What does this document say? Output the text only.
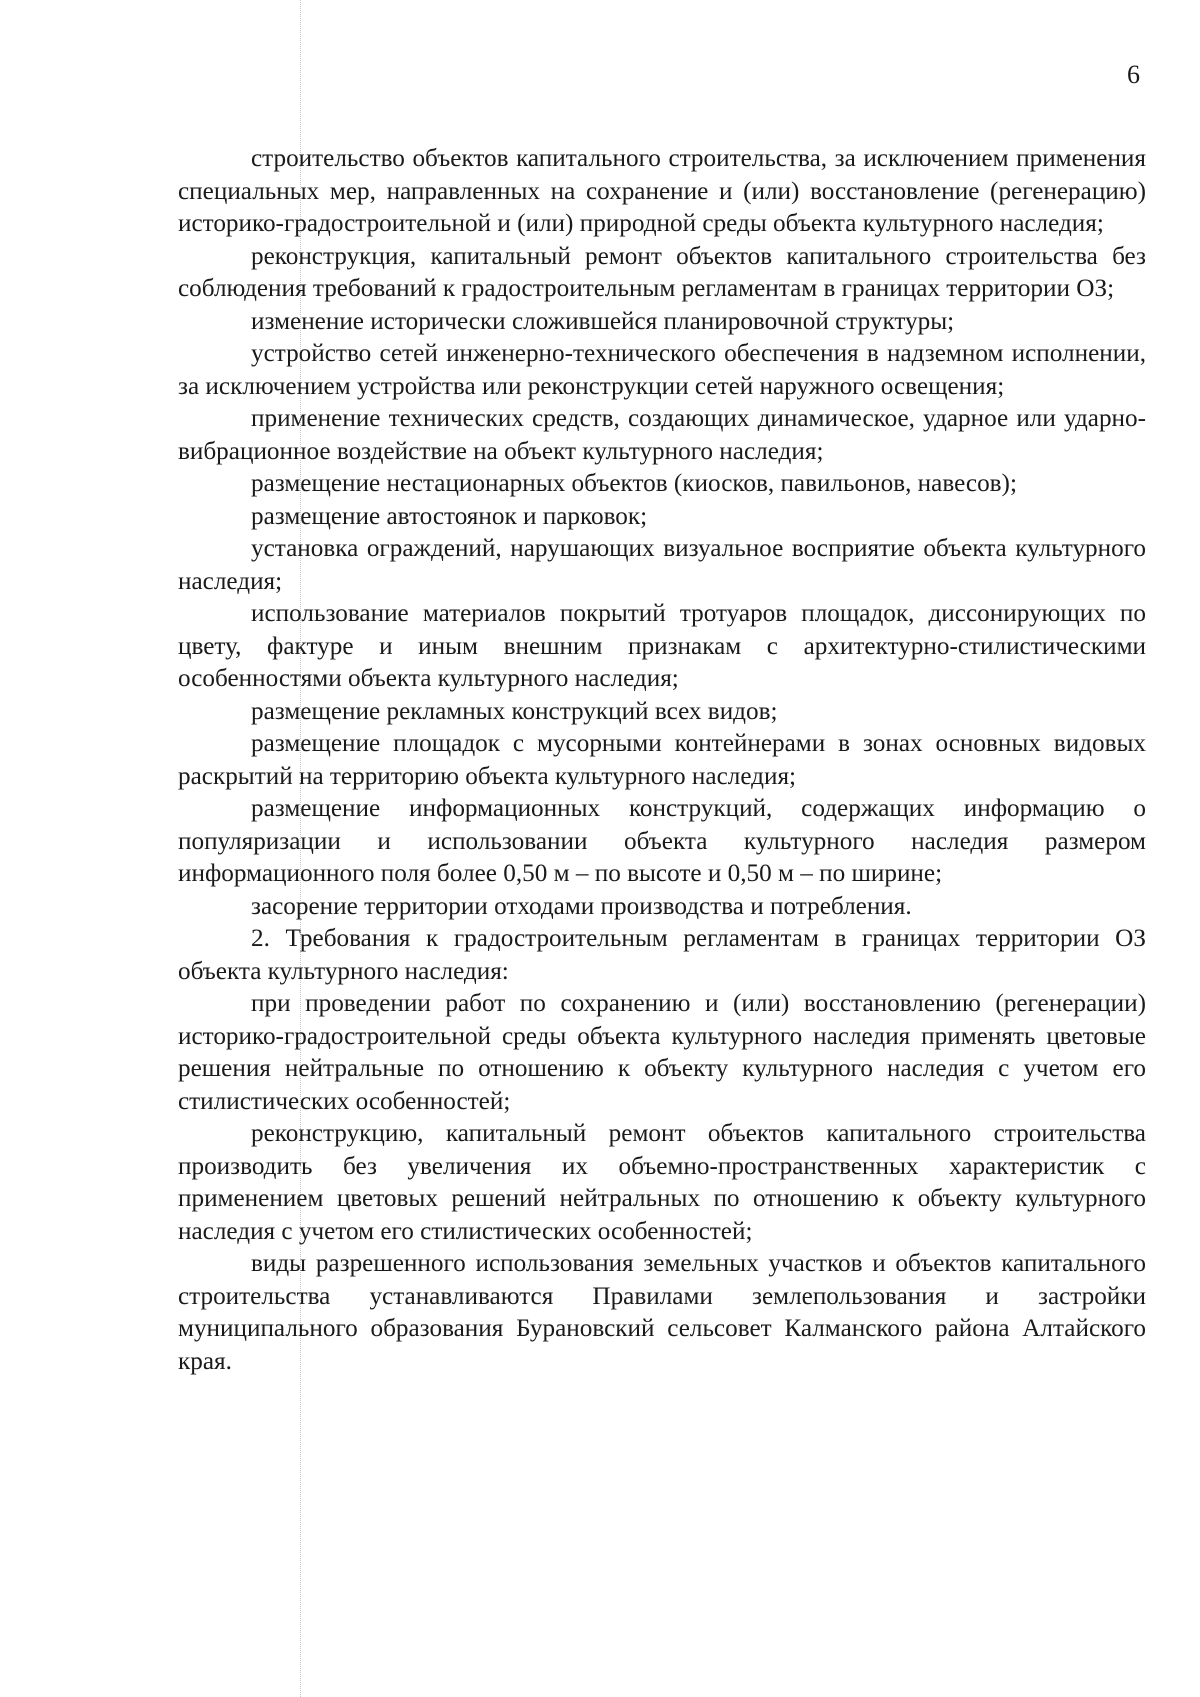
6

строительство объектов капитального строительства, за исключением применения специальных мер, направленных на сохранение и (или) восстановление (регенерацию) историко-градостроительной и (или) природной среды объекта культурного наследия;

реконструкция, капитальный ремонт объектов капитального строительства без соблюдения требований к градостроительным регламентам в границах территории ОЗ;

изменение исторически сложившейся планировочной структуры;

устройство сетей инженерно-технического обеспечения в надземном исполнении, за исключением устройства или реконструкции сетей наружного освещения;

применение технических средств, создающих динамическое, ударное или ударно-вибрационное воздействие на объект культурного наследия;

размещение нестационарных объектов (киосков, павильонов, навесов);

размещение автостоянок и парковок;

установка ограждений, нарушающих визуальное восприятие объекта культурного наследия;

использование материалов покрытий тротуаров площадок, диссонирующих по цвету, фактуре и иным внешним признакам с архитектурно-стилистическими особенностями объекта культурного наследия;

размещение рекламных конструкций всех видов;

размещение площадок с мусорными контейнерами в зонах основных видовых раскрытий на территорию объекта культурного наследия;

размещение информационных конструкций, содержащих информацию о популяризации и использовании объекта культурного наследия размером информационного поля более 0,50 м – по высоте и 0,50 м – по ширине;

засорение территории отходами производства и потребления.

2. Требования к градостроительным регламентам в границах территории ОЗ объекта культурного наследия:

при проведении работ по сохранению и (или) восстановлению (регенерации) историко-градостроительной среды объекта культурного наследия применять цветовые решения нейтральные по отношению к объекту культурного наследия с учетом его стилистических особенностей;

реконструкцию, капитальный ремонт объектов капитального строительства производить без увеличения их объемно-пространственных характеристик с применением цветовых решений нейтральных по отношению к объекту культурного наследия с учетом его стилистических особенностей;

виды разрешенного использования земельных участков и объектов капитального строительства устанавливаются Правилами землепользования и застройки муниципального образования Бурановский сельсовет Калманского района Алтайского края.
